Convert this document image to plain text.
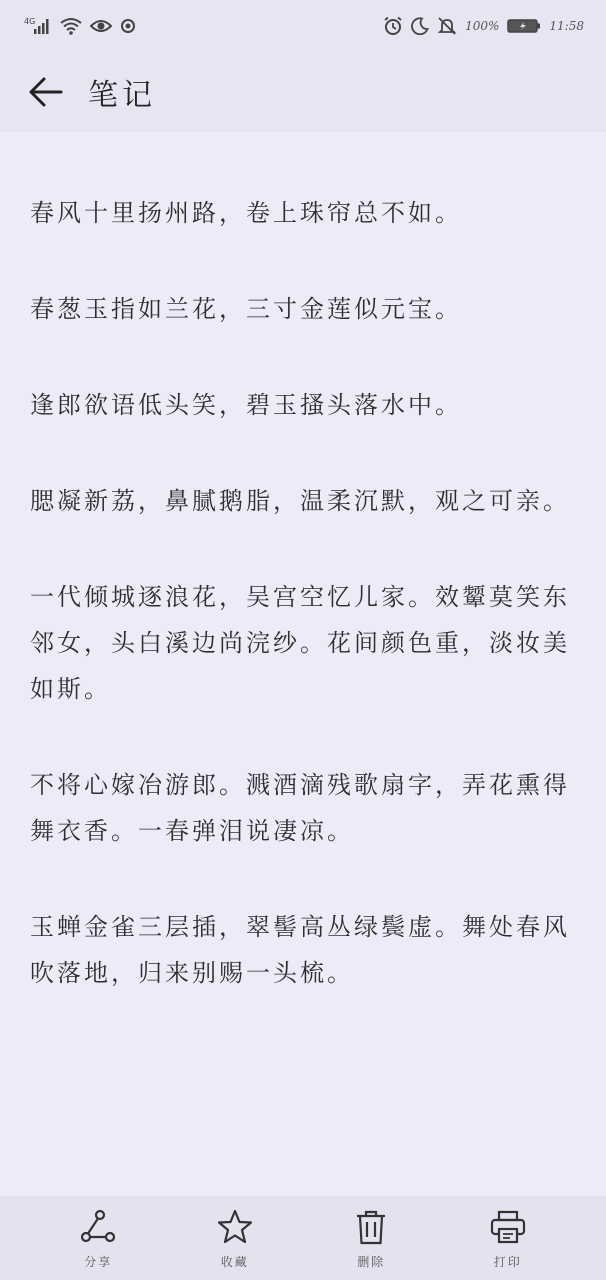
4G	100%	11:58
笔记

春风十里扬州路，卷上珠帘总不如。

春葱玉指如兰花，三寸金莲似元宝。

逢郎欲语低头笑，碧玉搔头落水中。

腮凝新荔，鼻腻鹅脂，温柔沉默，观之可亲。

一代倾城逐浪花，吴宫空忆儿家。效颦莫笑东邻女，头白溪边尚浣纱。花间颜色重，淡妆美如斯。

不将心嫁冶游郎。溅酒滴残歌扇字，弄花熏得舞衣香。一春弹泪说凄凉。

玉蝉金雀三层插，翠髻高丛绿鬓虚。舞处春风吹落地，归来别赐一头梳。

分享	收藏	删除	打印
